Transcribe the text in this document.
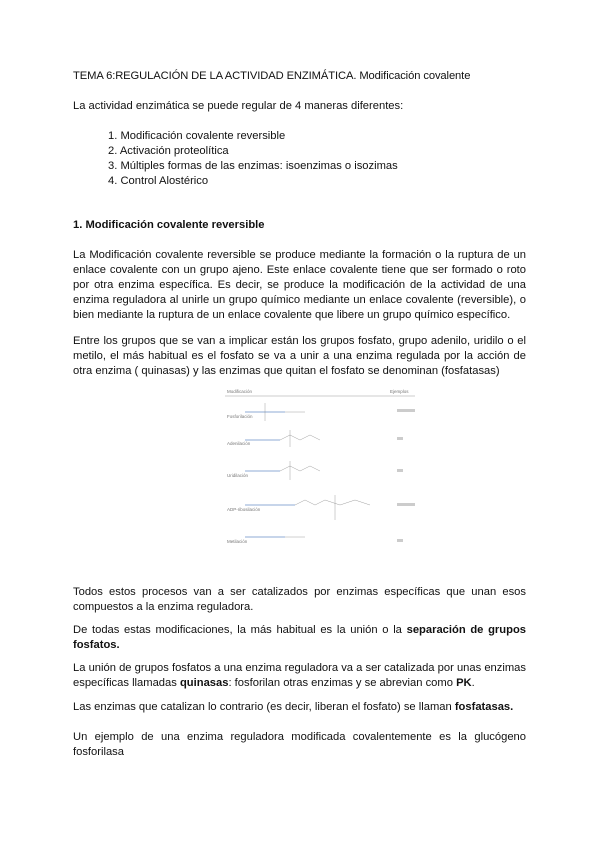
TEMA 6:REGULACIÓN DE LA ACTIVIDAD ENZIMÁTICA. Modificación covalente
La actividad enzimática se puede regular de 4 maneras diferentes:
1. Modificación covalente reversible
2. Activación proteolítica
3. Múltiples formas de las enzimas: isoenzimas o isozimas
4. Control Alostérico
1. Modificación covalente reversible
La Modificación covalente reversible se produce mediante la formación o la ruptura de un enlace covalente con un grupo ajeno. Este enlace covalente tiene que ser formado o roto por otra enzima específica. Es decir, se produce la modificación de la actividad de una enzima reguladora al unirle un grupo químico mediante un enlace covalente (reversible), o bien mediante la ruptura de un enlace covalente que libere un grupo químico específico.
Entre los grupos que se van a implicar están los grupos fosfato, grupo adenilo, uridilo o el metilo, el más habitual es el fosfato se va a unir a una enzima regulada por la acción de otra enzima ( quinasas) y las enzimas que quitan el fosfato se denominan (fosfatasas)
Modificación	Ejemplos
Fosforilación
Adenilación
Uridilación
ADP-ribosilación
Metilación
Todos estos procesos van a ser catalizados por enzimas específicas que unan esos compuestos a la enzima reguladora.
De todas estas modificaciones, la más habitual es la unión o la separación de grupos fosfatos.
La unión de grupos fosfatos a una enzima reguladora va a ser catalizada por unas enzimas específicas llamadas quinasas: fosforilan otras enzimas y se abrevian como PK.
Las enzimas que catalizan lo contrario (es decir, liberan el fosfato) se llaman fosfatasas.
Un ejemplo de una enzima reguladora modificada covalentemente es la glucógeno fosforilasa
